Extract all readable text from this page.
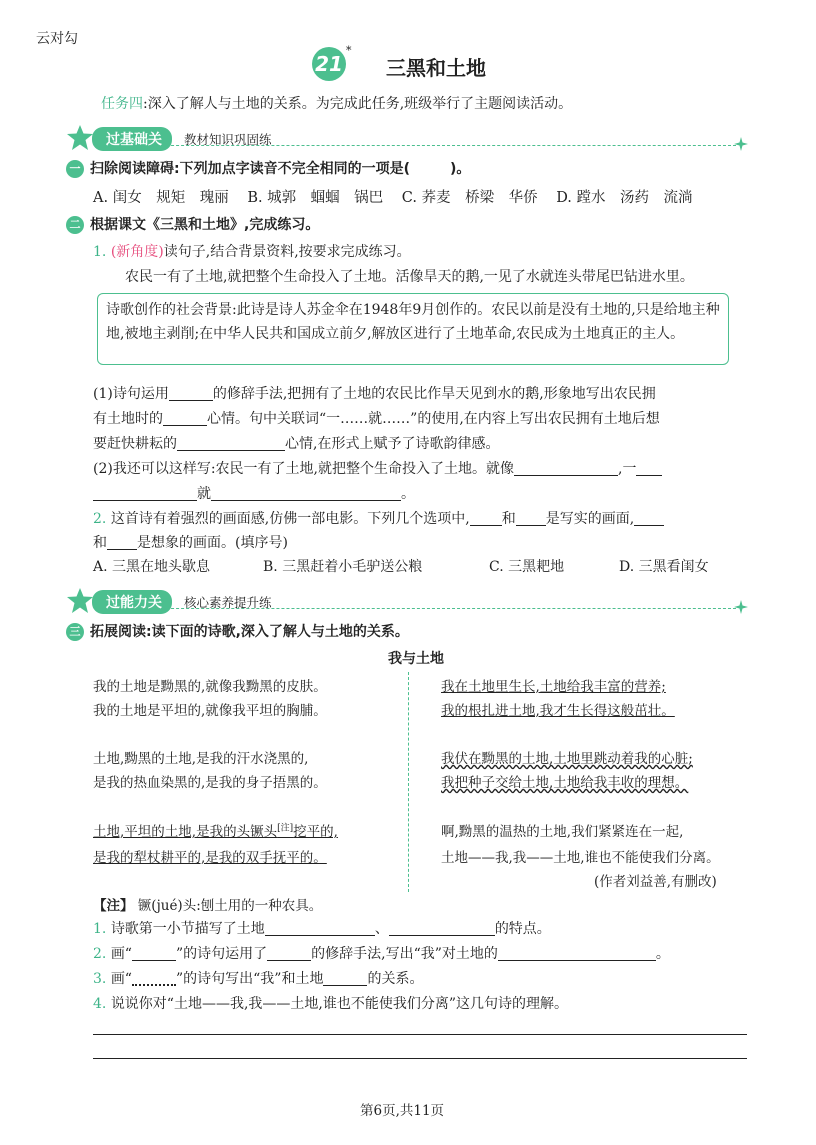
云对勾
21
*
三黑和土地
任务四:深入了解人与土地的关系。为完成此任务,班级举行了主题阅读活动。
过基础关	教材知识巩固练
一 扫除阅读障碍:下列加点字读音不完全相同的一项是(	)。
A. 闺女　规矩　瑰丽 B. 城郭　蝈蝈　锅巴 C. 荞麦　桥梁　华侨 D. 蹚水　汤药　流淌
二 根据课文《三黑和土地》,完成练习。
1. (新角度)读句子,结合背景资料,按要求完成练习。
农民一有了土地,就把整个生命投入了土地。活像旱天的鹅,一见了水就连头带尾巴钻进水里。
诗歌创作的社会背景:此诗是诗人苏金伞在1948年9月创作的。农民以前是没有土地的,只是给地主种地,被地主剥削;在中华人民共和国成立前夕,解放区进行了土地革命,农民成为土地真正的主人。
(1)诗句运用	的修辞手法,把拥有了土地的农民比作旱天见到水的鹅,形象地写出农民拥
有土地时的	心情。句中关联词“一……就……”的使用,在内容上写出农民拥有土地后想
要赶快耕耘的	心情,在形式上赋予了诗歌韵律感。
(2)我还可以这样写:农民一有了土地,就把整个生命投入了土地。就像	,一
就	。
2. 这首诗有着强烈的画面感,仿佛一部电影。下列几个选项中, 和 是写实的画面,
和 是想象的画面。(填序号)
A. 三黑在地头歇息	B. 三黑赶着小毛驴送公粮	C. 三黑耙地	D. 三黑看闺女
过能力关	核心素养提升练
三 拓展阅读:读下面的诗歌,深入了解人与土地的关系。
我与土地
我的土地是黝黑的,就像我黝黑的皮肤。
我的土地是平坦的,就像我平坦的胸脯。
土地,黝黑的土地,是我的汗水浇黑的,
是我的热血染黑的,是我的身子捂黑的。
土地,平坦的土地,是我的头镢头[注]挖平的,
是我的犁杖耕平的,是我的双手抚平的。
我在土地里生长,土地给我丰富的营养;
我的根扎进土地,我才生长得这般茁壮。
我伏在黝黑的土地,土地里跳动着我的心脏;
我把种子交给土地,土地给我丰收的理想。
啊,黝黑的温热的土地,我们紧紧连在一起,
土地——我,我——土地,谁也不能使我们分离。
(作者刘益善,有删改)
【注】 镢(jué)头:刨土用的一种农具。
1. 诗歌第一小节描写了土地	、	的特点。
2. 画“	”的诗句运用了	的修辞手法,写出“我”对土地的	。
3. 画“	”的诗句写出“我”和土地	的关系。
4. 说说你对“土地——我,我——土地,谁也不能使我们分离”这几句诗的理解。
第6页,共11页
